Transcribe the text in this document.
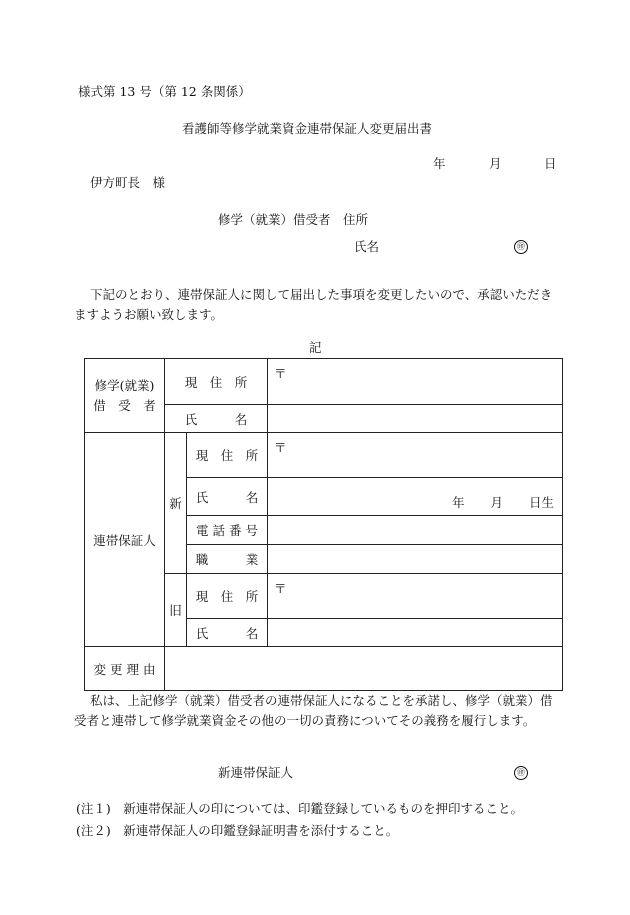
様式第 13 号（第 12 条関係）
看護師等修学就業資金連帯保証人変更届出書
年	月	日
伊方町長　様
修学（就業）借受者　住所
氏名	㊞
下記のとおり、連帯保証人に関して届出した事項を変更したいので、承認いただきますようお願い致します。
記
修学(就業)
借　受　者	現　住　所		〒
	氏　　　名		
連帯保証人	新	現　住　所	〒
		氏　　　名	年 月 日生
		電 話 番 号	
		職　　　業	
	旧	現　住　所	〒
		氏　　　名	
変 更 理 由			
私は、上記修学（就業）借受者の連帯保証人になることを承諾し、修学（就業）借受者と連帯して修学就業資金その他の一切の責務についてその義務を履行します。
新連帯保証人	㊞
(注１)　新連帯保証人の印については、印鑑登録しているものを押印すること。
(注２)　新連帯保証人の印鑑登録証明書を添付すること。
